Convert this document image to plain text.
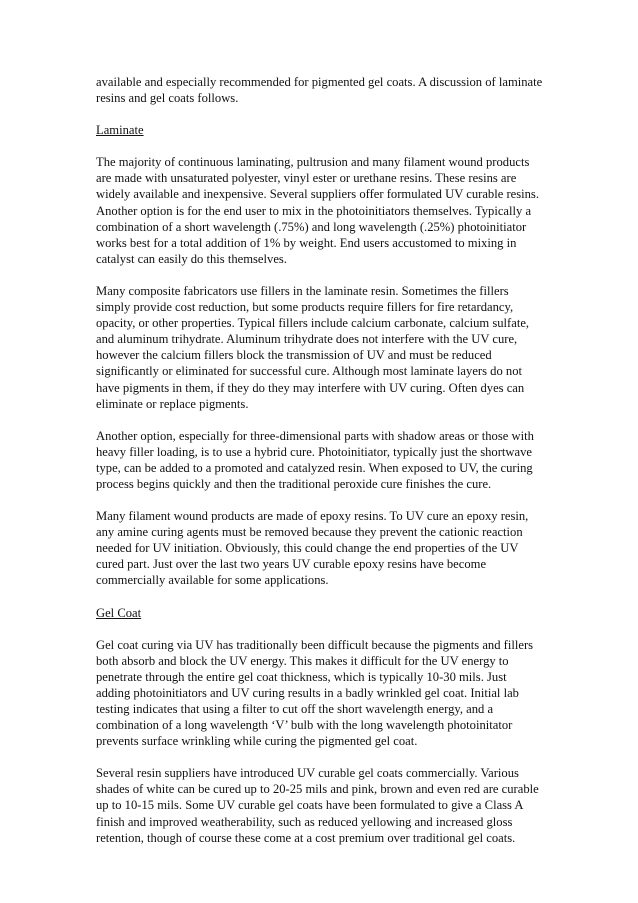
available and especially recommended for pigmented gel coats. A discussion of laminate resins and gel coats follows.

Laminate

The majority of continuous laminating, pultrusion and many filament wound products are made with unsaturated polyester, vinyl ester or urethane resins. These resins are widely available and inexpensive. Several suppliers offer formulated UV curable resins. Another option is for the end user to mix in the photoinitiators themselves. Typically a combination of a short wavelength (.75%) and long wavelength (.25%) photoinitiator works best for a total addition of 1% by weight. End users accustomed to mixing in catalyst can easily do this themselves.

Many composite fabricators use fillers in the laminate resin. Sometimes the fillers simply provide cost reduction, but some products require fillers for fire retardancy, opacity, or other properties. Typical fillers include calcium carbonate, calcium sulfate, and aluminum trihydrate. Aluminum trihydrate does not interfere with the UV cure, however the calcium fillers block the transmission of UV and must be reduced significantly or eliminated for successful cure. Although most laminate layers do not have pigments in them, if they do they may interfere with UV curing. Often dyes can eliminate or replace pigments.

Another option, especially for three-dimensional parts with shadow areas or those with heavy filler loading, is to use a hybrid cure. Photoinitiator, typically just the shortwave type, can be added to a promoted and catalyzed resin. When exposed to UV, the curing process begins quickly and then the traditional peroxide cure finishes the cure.

Many filament wound products are made of epoxy resins. To UV cure an epoxy resin, any amine curing agents must be removed because they prevent the cationic reaction needed for UV initiation. Obviously, this could change the end properties of the UV cured part. Just over the last two years UV curable epoxy resins have become commercially available for some applications.

Gel Coat

Gel coat curing via UV has traditionally been difficult because the pigments and fillers both absorb and block the UV energy. This makes it difficult for the UV energy to penetrate through the entire gel coat thickness, which is typically 10-30 mils. Just adding photoinitiators and UV curing results in a badly wrinkled gel coat. Initial lab testing indicates that using a filter to cut off the short wavelength energy, and a combination of a long wavelength ‘V’ bulb with the long wavelength photoinitator prevents surface wrinkling while curing the pigmented gel coat.

Several resin suppliers have introduced UV curable gel coats commercially. Various shades of white can be cured up to 20-25 mils and pink, brown and even red are curable up to 10-15 mils. Some UV curable gel coats have been formulated to give a Class A finish and improved weatherability, such as reduced yellowing and increased gloss retention, though of course these come at a cost premium over traditional gel coats.
